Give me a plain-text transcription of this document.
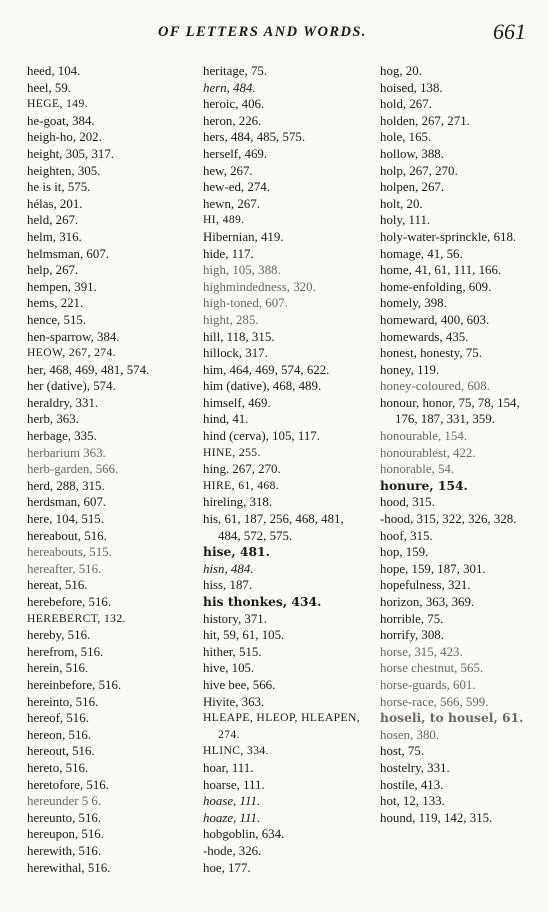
OF LETTERS AND WORDS.	661
heed, 104.
heel, 59.
HEGE, 149.
he-goat, 384.
heigh-ho, 202.
height, 305, 317.
heighten, 305.
he is it, 575.
hélas, 201.
held, 267.
helm, 316.
helmsman, 607.
help, 267.
hempen, 391.
hems, 221.
hence, 515.
hen-sparrow, 384.
HEOW, 267, 274.
her, 468, 469, 481, 574.
her (dative), 574.
heraldry, 331.
herb, 363.
herbage, 335.
herbarium 363.
herb-garden, 566.
herd, 288, 315.
herdsman, 607.
here, 104, 515.
hereabout, 516.
hereabouts, 515.
hereafter, 516.
hereat, 516.
herebefore, 516.
HEREBERCT, 132.
hereby, 516.
herefrom, 516.
herein, 516.
hereinbefore, 516.
hereinto, 516.
hereof, 516.
hereon, 516.
hereout, 516.
hereto, 516.
heretofore, 516.
hereunder 5 6.
hereunto, 516.
hereupon, 516.
herewith, 516.
herewithal, 516.
heritage, 75.
hern, 484.
heroic, 406.
heron, 226.
hers, 484, 485, 575.
herself, 469.
hew, 267.
hew-ed, 274.
hewn, 267.
HI, 489.
Hibernian, 419.
hide, 117.
high, 105, 388.
highmindedness, 320.
high-toned, 607.
hight, 285.
hill, 118, 315.
hillock, 317.
him, 464, 469, 574, 622.
him (dative), 468, 489.
himself, 469.
hind, 41.
hind (cerva), 105, 117.
HINE, 255.
hing. 267, 270.
HIRE, 61, 468.
hireling, 318.
his, 61, 187, 256, 468, 481, 484, 572, 575.
hise, 481.
hisn, 484.
hiss, 187.
his thonkes, 434.
history, 371.
hit, 59, 61, 105.
hither, 515.
hive, 105.
hive bee, 566.
Hivite, 363.
HLEAPE, HLEOP, HLEAPEN, 274.
HLINC, 334.
hoar, 111.
hoarse, 111.
hoase, 111.
hoaze, 111.
hobgoblin, 634.
-hode, 326.
hoe, 177.
hog, 20.
hoised, 138.
hold, 267.
holden, 267, 271.
hole, 165.
hollow, 388.
holp, 267, 270.
holpen, 267.
holt, 20.
holy, 111.
holy-water-sprinckle, 618.
homage, 41, 56.
home, 41, 61, 111, 166.
home-enfolding, 609.
homely, 398.
homeward, 400, 603.
homewards, 435.
honest, honesty, 75.
honey, 119.
honey-coloured, 608.
honour, honor, 75, 78, 154, 176, 187, 331, 359.
honourable, 154.
honourablest, 422.
honorable, 54.
honure, 154.
hood, 315.
-hood, 315, 322, 326, 328.
hoof, 315.
hop, 159.
hope, 159, 187, 301.
hopefulness, 321.
horizon, 363, 369.
horrible, 75.
horrify, 308.
horse, 315, 423.
horse chestnut, 565.
horse-guards, 601.
horse-race, 566, 599.
hoseli, to housel, 61.
hosen, 380.
host, 75.
hostelry, 331.
hostile, 413.
hot, 12, 133.
hound, 119, 142, 315.
